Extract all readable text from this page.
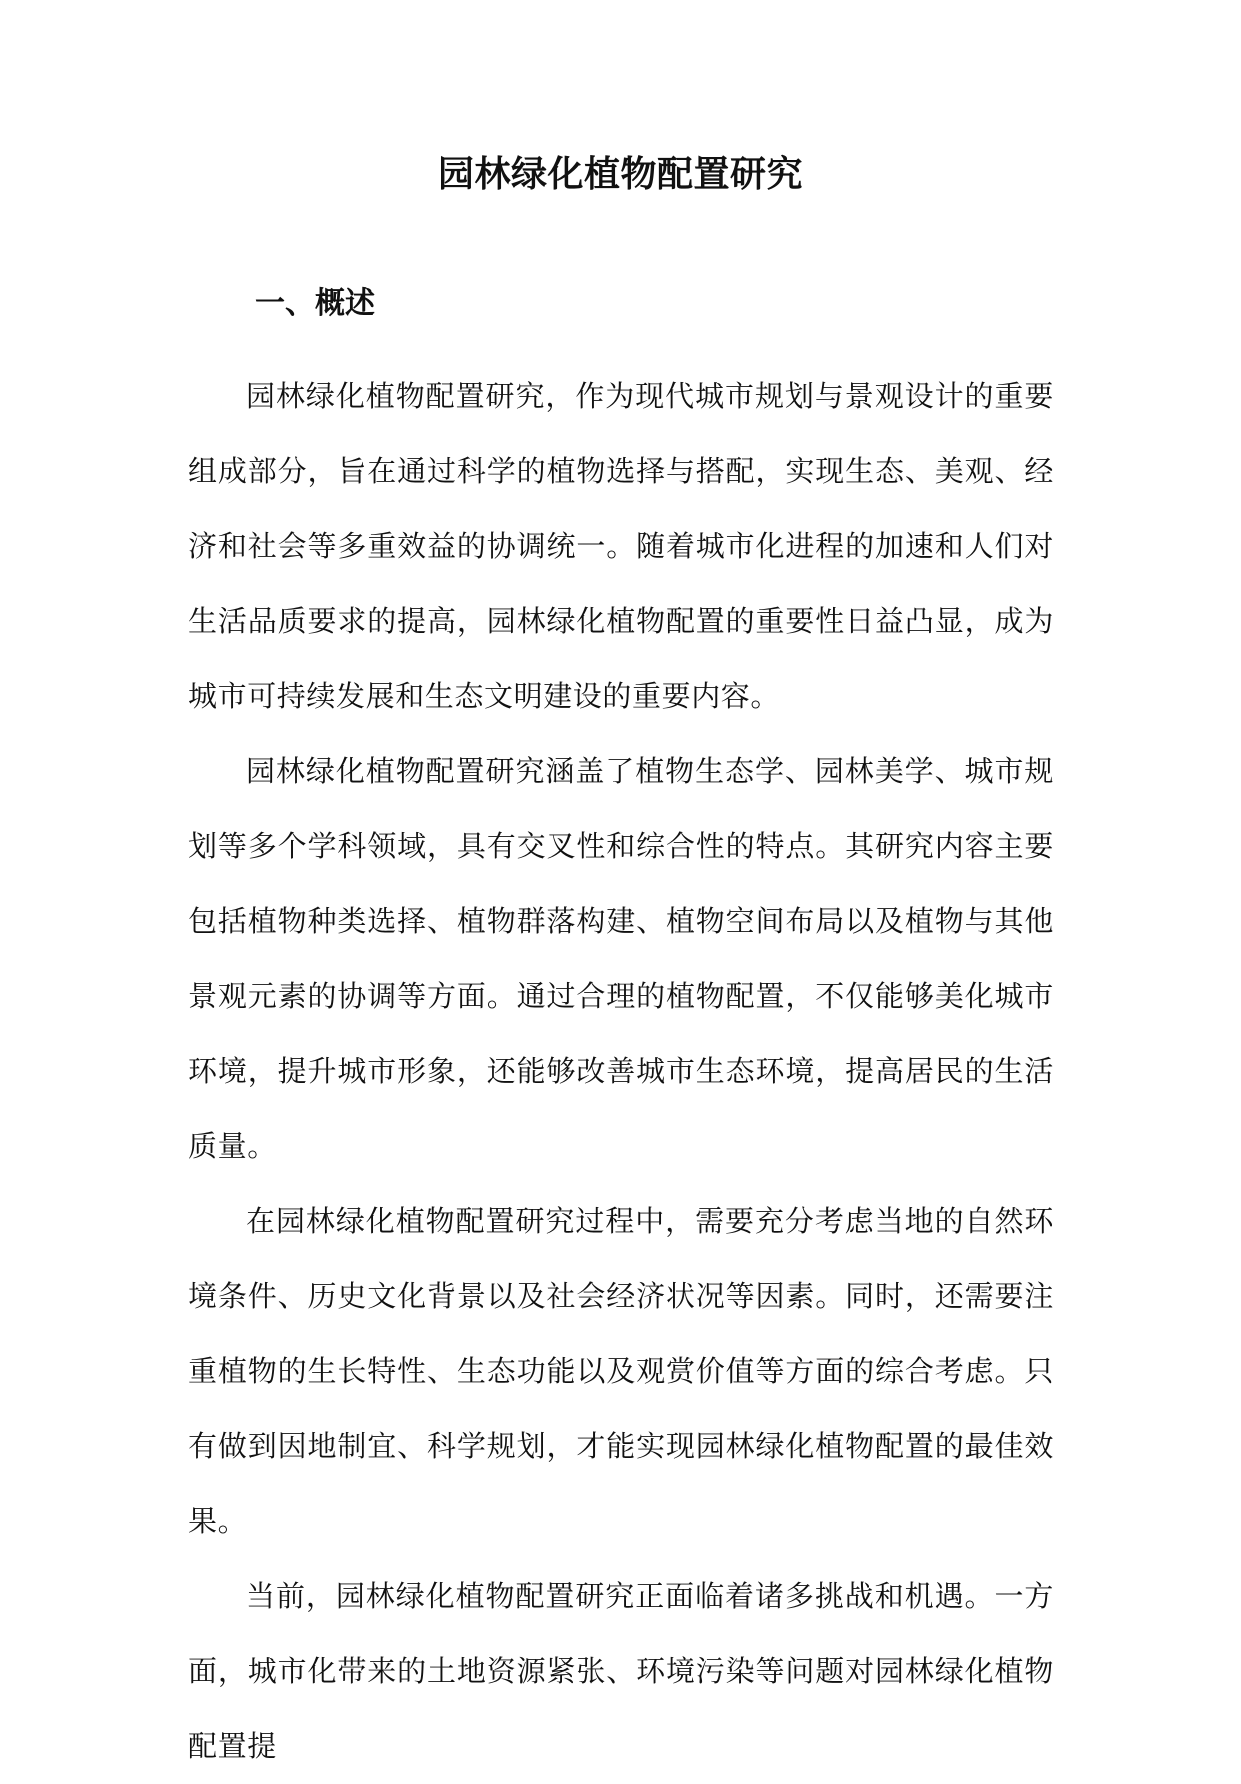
园林绿化植物配置研究
一、概述

园林绿化植物配置研究，作为现代城市规划与景观设计的重要组成部分，旨在通过科学的植物选择与搭配，实现生态、美观、经济和社会等多重效益的协调统一。随着城市化进程的加速和人们对生活品质要求的提高，园林绿化植物配置的重要性日益凸显，成为城市可持续发展和生态文明建设的重要内容。

园林绿化植物配置研究涵盖了植物生态学、园林美学、城市规划等多个学科领域，具有交叉性和综合性的特点。其研究内容主要包括植物种类选择、植物群落构建、植物空间布局以及植物与其他景观元素的协调等方面。通过合理的植物配置，不仅能够美化城市环境，提升城市形象，还能够改善城市生态环境，提高居民的生活质量。

在园林绿化植物配置研究过程中，需要充分考虑当地的自然环境条件、历史文化背景以及社会经济状况等因素。同时，还需要注重植物的生长特性、生态功能以及观赏价值等方面的综合考虑。只有做到因地制宜、科学规划，才能实现园林绿化植物配置的最佳效果。

当前，园林绿化植物配置研究正面临着诸多挑战和机遇。一方面，城市化带来的土地资源紧张、环境污染等问题对园林绿化植物配置提
